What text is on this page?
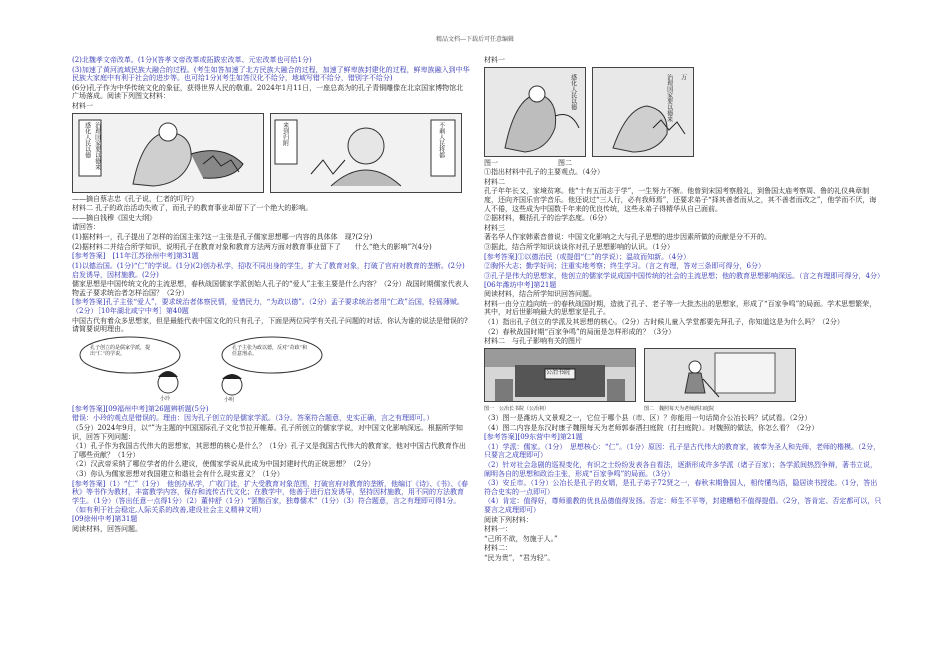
精品文档---下载后可任意编辑

(2)北魏孝文帝改革。(1分)(答孝文帝改革或拓跋宏改革、元宏改革也可给1分)

(3)加速了黄河流域民族大融合的过程。(考生如答加速了北方民族大融合的过程，加速了鲜卑族封建化的过程，鲜卑族融入到中华民族大家庭中有利于社会的进步等。也可给1分)(考生如答汉化不给分，地域写错不给分，错别字不给分)

(6分)孔子作为中华传统文化的象征，获得世界人民的敬重。2024年1月11日，一座总高为的孔子青铜雕像在北京国家博物馆北广场落成。阅读下列图文材料：

材料一

感化人民以德 治理国家要以德来	来到归附	不剩人民将都

——摘自蔡志忠《孔子说，仁者的叮咛》

材料二 孔子的政治活动失败了，而孔子的教育事业却留下了一个绝大的影响。

——摘自钱穆《国史大纲》

请回答：

(1)据材料一，孔子提出了怎样的治国主张?这一主张是孔子儒家思想哪一内容的具体体　现?(2分)

(2)据材料二并结合所学知识，说明孔子在教育对象和教育方法两方面对教育事业留下了　　什么“绝大的影响”?(4分)

[参考答案]　[11年江苏徐州中考]第31题

(1)以德治国。(1分)“仁”的学说。(1分)(2)创办私学，招收不同出身的学生，扩大了教育对象，打破了官府对教育的垄断。(2分)启发诱导，因材施教。(2分)

儒家思想是中国传统文化的主流思想，春秋战国儒家学派创始人孔子的“爱人”主张主要是什么内容？（2分）战国时期儒家代表人物孟子要求统治者怎样治国？（2分）

[参考答案]孔子主张“爱人”，要求统治者体察民情，爱惜民力，“为政以德”。（2分）孟子要求统治者用“仁政”治国，轻徭薄赋。（2分）［10年湖北咸宁中考］第40题

中国古代有着众多思想家，但是最能代表中国文化的只有孔子，下面是两位同学有关孔子问题的对话，你认为谁的说法是错误的?请简要说明理由。

孔子创立的是儒家学派，提出“仁”的学说。
孔子主张为政以德，反对“苛政”和任意刑杀。
小玲	小明

[参考答案][09福州中考]第26题辨析题(5分)

错误：小玲的观点是错误的。理由：因为孔子创立的是儒家学派。（3分。答案符合题意，史实正确，言之有理即可。）

（5分）2024年9月，以“”为主题的中国国际孔子文化节拉开帷幕。孔子所创立的儒家学说，对中国文化影响深远。根据所学知识，回答下列问题：

（1）孔子作为我国古代伟大的思想家，其思想的核心是什么？（1分）孔子又是我国古代伟大的教育家，他对中国古代教育作出了哪些贡献？（1分）

（2）汉武帝采纳了哪位学者的什么建议，使儒家学说从此成为中国封建时代的正统思想？（2分）

（3）你认为儒家思想对我国建立和谐社会有什么现实意义？（1分）

[参考答案]（1）“仁”（1分）　他创办私学，广收门徒，扩大受教育对象范围，打破官府对教育的垄断，他编订《诗》、《书》、《春秋》等书作为教材，丰富教学内容，保存和流传古代文化；在教学中，他善于进行启发诱导，坚持因材施教，用不同的方法教育学生。（1分）（答出任意一点得1分）（2）董仲舒（1分）“罢黜百家，独尊儒术”（1分）（3）符合题意，言之有理即可得1分。（如有利于社会稳定,人际关系的改善,建设社会主义精神文明）

[09徐州中考]第31题

阅读材料，回答问题。

材料一

感化人民以德	治理国家要以德来 万
图一	图二

①指出材料中孔子的主要观点。（4分）

材料二

孔子年年长又，家境贫寒。他“十有五而志于学”，一生努力不断。他曾到宋国考察殷礼，到鲁国太庙考察周、鲁的礼仪典章制度，还向齐国乐官学音乐。他还说过“三人行，必有我师焉”，还要求弟子“择其善者而从之，其不善者而改之”，他学而不厌，诲人不倦，这些成为中国数千年来的优良传统，这些永弟子得精华从自己面前。

②据材料，概括孔子的治学态度。（6分）

材料三

著名华人作家韩素音曾说：中国文化影响之大与孔子思想的进步因素所做的贡献是分不开的。

③据此，结合所学知识谈谈你对孔子思想影响的认识。（1分）

[参考答案]①以德治民（或提倡“仁”的学说）；温故而知新。（4分）

②胸怀大志；勤学好问；注重实地考察；终生学习。（言之有理，答对三条即可得分，6分）

③孔子是伟大的思想家，他创立的儒家学说成国中国传统的社会的主流思想；他的教育思想影响深远。（言之有理即可得分，4分）　[06年潍坊中考]第21题

阅读材料，结合所学知识回答问题。

材料一由分立趋向统一的春秋战国时期，造就了孔子、老子等一大批杰出的思想家，形成了“百家争鸣”的局面。学术思想繁荣，其中，对后世影响最大的思想家是孔子。

（1）指出孔子创立的学派及其思想的核心。（2分）古时候儿童入学堂都要先拜孔子，你知道这是为什么吗？（2分）

（2）春秋战国时期“百家争鸣”的局面是怎样形成的？（3分）

材料二　与孔子影响有关的图片

公冶书院
图一　公冶长书院（公冶祠）	图二　魏照每天为老师洒扫庭院

（3）图一是潍坊人文景观之一，它位于哪个县（市、区）？你能用一句话简介公冶长吗？试试看。（2分）

（4）图二内容是东汉时康子魏照每天为老师郭泰洒扫庭院（打扫庭院）。对魏照的做法，你怎么看？（2分）

[参考答案][09东营中考]第21题

（1）学派：儒家。（1分）　思想核心：“仁”。（1分）原因：孔子是古代伟大的教育家，被奉为圣人和先师，老师的楷模。（2分，只要言之成理即可）

（2）针对社会急剧的巡视变化，有识之士纷纷发表各自看法，逐渐形成许多学派（诸子百家）；各学派间热烈争辩，著书立说，阐明各自的思想和政治主张，形成“百家争鸣”的局面。（3分）

（3）安丘市。（1分）公冶长是孔子的女婿，是孔子弟子72贤之一，春秋末期鲁国人，相传懂鸟语，隐居读书授徒。（1分，答出符合史实的一点即可）

（4）肯定：值得好，尊师重教的优良品德值得发扬。否定：师生不平等，封建糟粕不值得提倡。（2分，答肯定、否定都可以，只要言之成理即可）

阅读下列材料：

材料一：

“己所不欲，勿施于人。”

材料二：

“民为贵”，“君为轻”。
